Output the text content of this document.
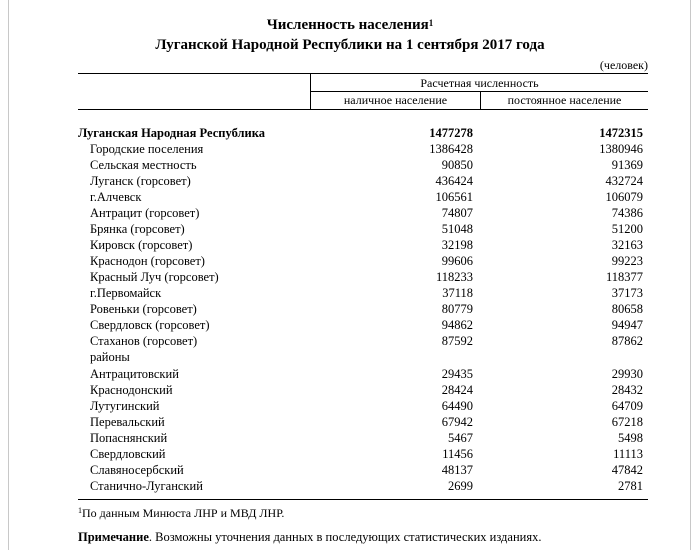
Численность населения$^1$
Луганской Народной Республики на 1 сентября 2017 года
(человек)
Расчетная численность
наличное население	постоянное население
Луганская Народная Республика	1477278	1472315
Городские поселения	1386428	1380946
Сельская местность	90850	91369
Луганск (горсовет)	436424	432724
г.Алчевск	106561	106079
Антрацит (горсовет)	74807	74386
Брянка (горсовет)	51048	51200
Кировск (горсовет)	32198	32163
Краснодон (горсовет)	99606	99223
Красный Луч (горсовет)	118233	118377
г.Первомайск	37118	37173
Ровеньки (горсовет)	80779	80658
Свердловск (горсовет)	94862	94947
Стаханов (горсовет)	87592	87862
районы
Антрацитовский	29435	29930
Краснодонский	28424	28432
Лутугинский	64490	64709
Перевальский	67942	67218
Попаснянский	5467	5498
Свердловский	11456	11113
Славяносербский	48137	47842
Станично-Луганский	2699	2781
$^1$По данным Минюста ЛНР и МВД ЛНР.
Примечание. Возможны уточнения данных в последующих статистических изданиях.
